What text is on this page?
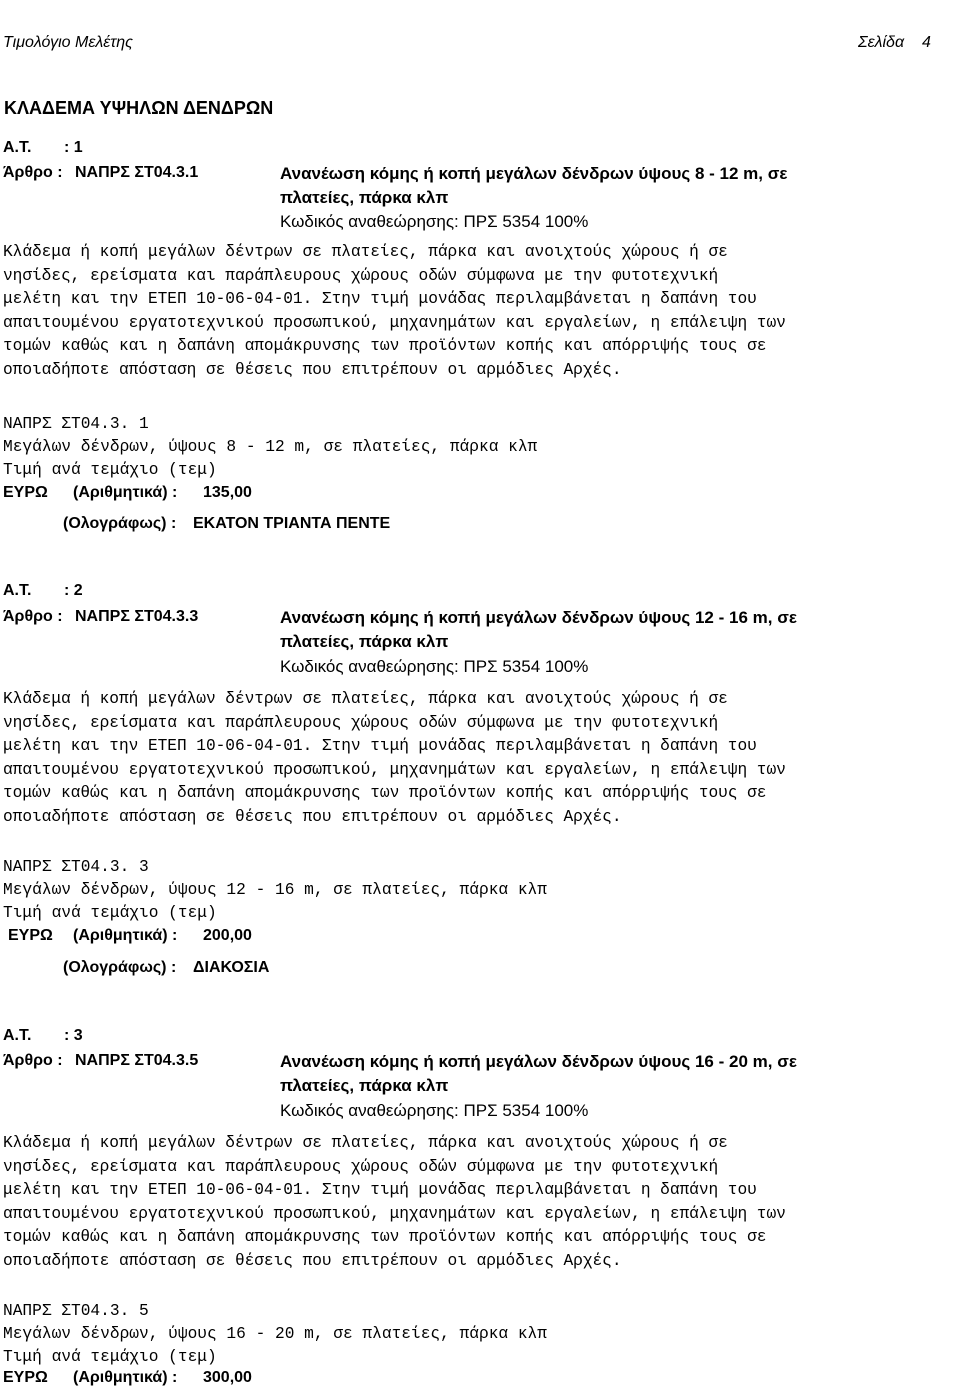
Τιμολόγιο Μελέτης	Σελίδα 4
ΚΛΑΔΕΜΑ ΥΨΗΛΩΝ ΔΕΝΔΡΩΝ
Α.Τ. : 1
Άρθρο : ΝΑΠΡΣ ΣΤ04.3.1	Ανανέωση κόμης ή κοπή μεγάλων δένδρων ύψους 8 - 12 m, σε
πλατείες, πάρκα κλπ
Κωδικός αναθεώρησης: ΠΡΣ 5354 100%
Κλάδεμα ή κοπή μεγάλων δέντρων σε πλατείες, πάρκα και ανοιχτούς χώρους ή σε
νησίδες, ερείσματα και παράπλευρους χώρους οδών σύμφωνα με την φυτοτεχνική
μελέτη και την ΕΤΕΠ 10-06-04-01. Στην τιμή μονάδας περιλαμβάνεται η δαπάνη του
απαιτουμένου εργατοτεχνικού προσωπικού, μηχανημάτων και εργαλείων, η επάλειψη των
τομών καθώς και η δαπάνη απομάκρυνσης των προϊόντων κοπής και απόρριψής τους σε
οποιαδήποτε απόσταση σε θέσεις που επιτρέπουν οι αρμόδιες Αρχές.
ΝΑΠΡΣ ΣΤ04.3. 1
Μεγάλων δένδρων, ύψους 8 - 12 m, σε πλατείες, πάρκα κλπ
Τιμή ανά τεμάχιο (τεμ)
ΕΥΡΩ (Αριθμητικά) : 135,00
(Ολογράφως) : ΕΚΑΤΟΝ ΤΡΙΑΝΤΑ ΠΕΝΤΕ
Α.Τ. : 2
Άρθρο : ΝΑΠΡΣ ΣΤ04.3.3	Ανανέωση κόμης ή κοπή μεγάλων δένδρων ύψους 12 - 16 m, σε
πλατείες, πάρκα κλπ
Κωδικός αναθεώρησης: ΠΡΣ 5354 100%
Κλάδεμα ή κοπή μεγάλων δέντρων σε πλατείες, πάρκα και ανοιχτούς χώρους ή σε
νησίδες, ερείσματα και παράπλευρους χώρους οδών σύμφωνα με την φυτοτεχνική
μελέτη και την ΕΤΕΠ 10-06-04-01. Στην τιμή μονάδας περιλαμβάνεται η δαπάνη του
απαιτουμένου εργατοτεχνικού προσωπικού, μηχανημάτων και εργαλείων, η επάλειψη των
τομών καθώς και η δαπάνη απομάκρυνσης των προϊόντων κοπής και απόρριψής τους σε
οποιαδήποτε απόσταση σε θέσεις που επιτρέπουν οι αρμόδιες Αρχές.
ΝΑΠΡΣ ΣΤ04.3. 3
Μεγάλων δένδρων, ύψους 12 - 16 m, σε πλατείες, πάρκα κλπ
Τιμή ανά τεμάχιο (τεμ)
ΕΥΡΩ (Αριθμητικά) : 200,00
(Ολογράφως) : ΔΙΑΚΟΣΙΑ
Α.Τ. : 3
Άρθρο : ΝΑΠΡΣ ΣΤ04.3.5	Ανανέωση κόμης ή κοπή μεγάλων δένδρων ύψους 16 - 20 m, σε
πλατείες, πάρκα κλπ
Κωδικός αναθεώρησης: ΠΡΣ 5354 100%
Κλάδεμα ή κοπή μεγάλων δέντρων σε πλατείες, πάρκα και ανοιχτούς χώρους ή σε
νησίδες, ερείσματα και παράπλευρους χώρους οδών σύμφωνα με την φυτοτεχνική
μελέτη και την ΕΤΕΠ 10-06-04-01. Στην τιμή μονάδας περιλαμβάνεται η δαπάνη του
απαιτουμένου εργατοτεχνικού προσωπικού, μηχανημάτων και εργαλείων, η επάλειψη των
τομών καθώς και η δαπάνη απομάκρυνσης των προϊόντων κοπής και απόρριψής τους σε
οποιαδήποτε απόσταση σε θέσεις που επιτρέπουν οι αρμόδιες Αρχές.
ΝΑΠΡΣ ΣΤ04.3. 5
Μεγάλων δένδρων, ύψους 16 - 20 m, σε πλατείες, πάρκα κλπ
Τιμή ανά τεμάχιο (τεμ)
ΕΥΡΩ (Αριθμητικά) : 300,00
